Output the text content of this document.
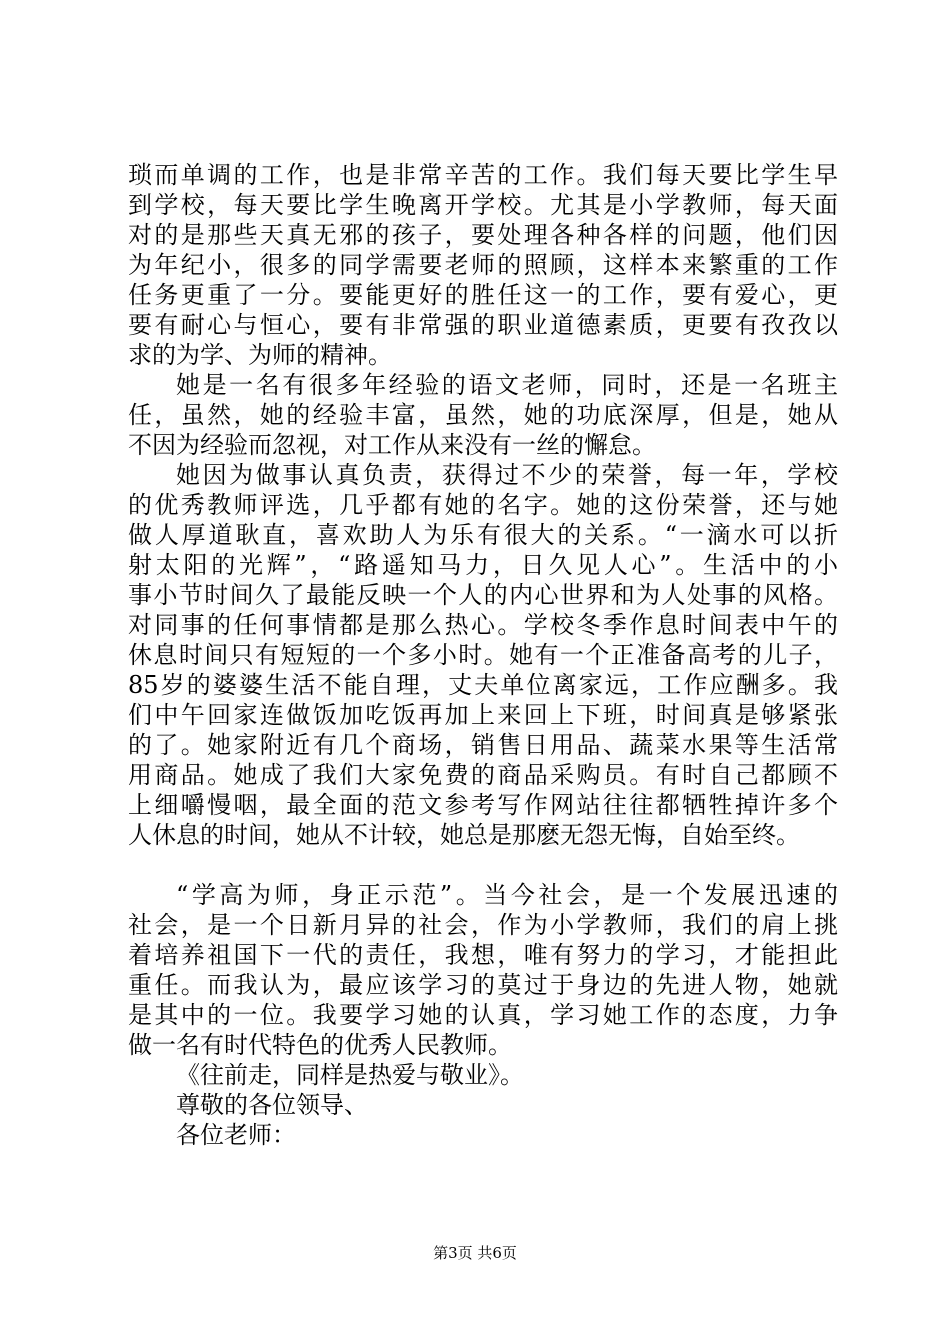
琐而单调的工作，也是非常辛苦的工作。我们每天要比学生早
到学校，每天要比学生晚离开学校。尤其是小学教师，每天面
对的是那些天真无邪的孩子，要处理各种各样的问题，他们因
为年纪小，很多的同学需要老师的照顾，这样本来繁重的工作
任务更重了一分。要能更好的胜任这一的工作，要有爱心，更
要有耐心与恒心，要有非常强的职业道德素质，更要有孜孜以
求的为学、为师的精神。
她是一名有很多年经验的语文老师，同时，还是一名班主
任，虽然，她的经验丰富，虽然，她的功底深厚，但是，她从
不因为经验而忽视，对工作从来没有一丝的懈怠。
她因为做事认真负责，获得过不少的荣誉，每一年，学校
的优秀教师评选，几乎都有她的名字。她的这份荣誉，还与她
做人厚道耿直，喜欢助人为乐有很大的关系。“一滴水可以折
射太阳的光辉”，“路遥知马力，日久见人心”。生活中的小
事小节时间久了最能反映一个人的内心世界和为人处事的风格。
对同事的任何事情都是那么热心。学校冬季作息时间表中午的
休息时间只有短短的一个多小时。她有一个正准备高考的儿子，
85岁的婆婆生活不能自理，丈夫单位离家远，工作应酬多。我
们中午回家连做饭加吃饭再加上来回上下班，时间真是够紧张
的了。她家附近有几个商场，销售日用品、蔬菜水果等生活常
用商品。她成了我们大家免费的商品采购员。有时自己都顾不
上细嚼慢咽，最全面的范文参考写作网站往往都牺牲掉许多个
人休息的时间，她从不计较，她总是那麽无怨无悔，自始至终。
“学高为师，身正示范”。当今社会，是一个发展迅速的
社会，是一个日新月异的社会，作为小学教师，我们的肩上挑
着培养祖国下一代的责任，我想，唯有努力的学习，才能担此
重任。而我认为，最应该学习的莫过于身边的先进人物，她就
是其中的一位。我要学习她的认真，学习她工作的态度，力争
做一名有时代特色的优秀人民教师。
《往前走，同样是热爱与敬业》。
尊敬的各位领导、
各位老师：
第3页 共6页
